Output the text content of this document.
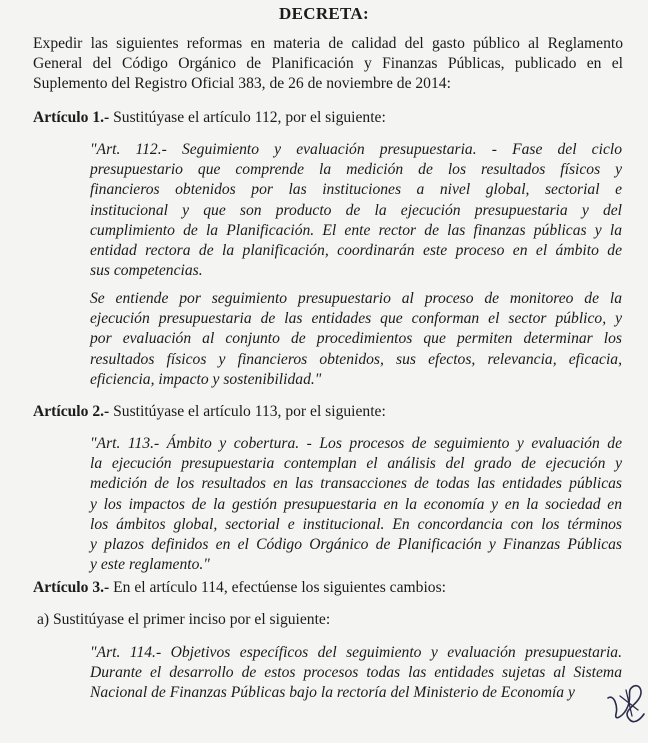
DECRETA:
Expedir las siguientes reformas en materia de calidad del gasto público al Reglamento
General del Código Orgánico de Planificación y Finanzas Públicas, publicado en el
Suplemento del Registro Oficial 383, de 26 de noviembre de 2014:
Artículo 1.- Sustitúyase el artículo 112, por el siguiente:
"Art. 112.- Seguimiento y evaluación presupuestaria. - Fase del ciclo
presupuestario que comprende la medición de los resultados físicos y
financieros obtenidos por las instituciones a nivel global, sectorial e
institucional y que son producto de la ejecución presupuestaria y del
cumplimiento de la Planificación. El ente rector de las finanzas públicas y la
entidad rectora de la planificación, coordinarán este proceso en el ámbito de
sus competencias.
Se entiende por seguimiento presupuestario al proceso de monitoreo de la
ejecución presupuestaria de las entidades que conforman el sector público, y
por evaluación al conjunto de procedimientos que permiten determinar los
resultados físicos y financieros obtenidos, sus efectos, relevancia, eficacia,
eficiencia, impacto y sostenibilidad."
Artículo 2.- Sustitúyase el artículo 113, por el siguiente:
"Art. 113.- Ámbito y cobertura. - Los procesos de seguimiento y evaluación de
la ejecución presupuestaria contemplan el análisis del grado de ejecución y
medición de los resultados en las transacciones de todas las entidades públicas
y los impactos de la gestión presupuestaria en la economía y en la sociedad en
los ámbitos global, sectorial e institucional. En concordancia con los términos
y plazos definidos en el Código Orgánico de Planificación y Finanzas Públicas
y este reglamento."
Artículo 3.- En el artículo 114, efectúense los siguientes cambios:
a) Sustitúyase el primer inciso por el siguiente:
"Art. 114.- Objetivos específicos del seguimiento y evaluación presupuestaria.
Durante el desarrollo de estos procesos todas las entidades sujetas al Sistema
Nacional de Finanzas Públicas bajo la rectoría del Ministerio de Economía y
